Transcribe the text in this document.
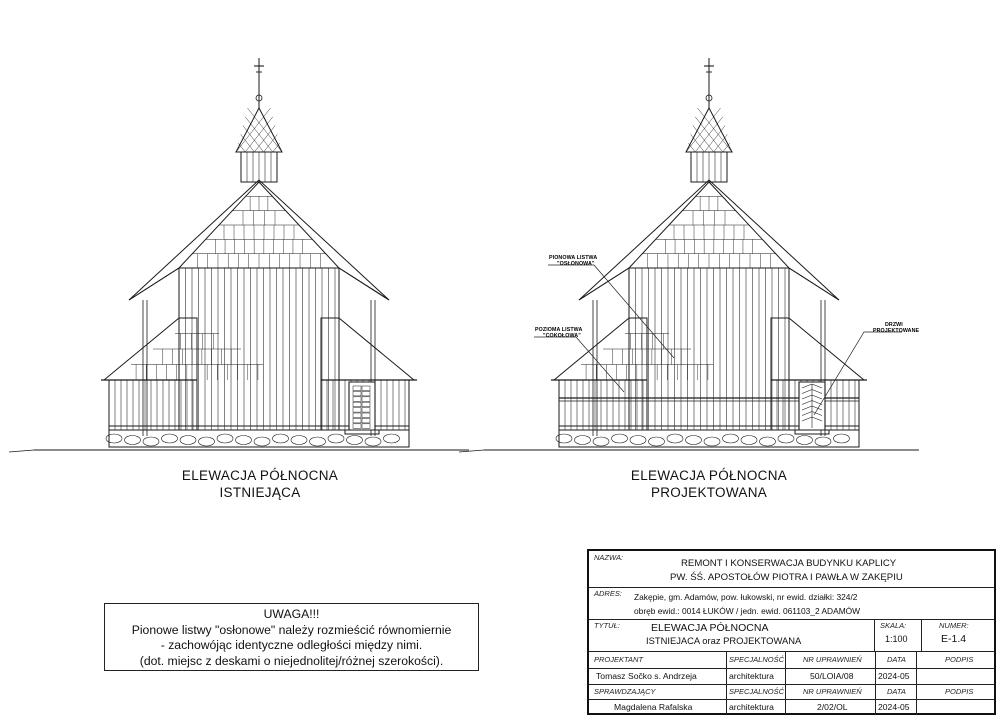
PIONOWA LISTWA
"OSŁONOWA"
POZIOMA LISTWA
"COKOŁOWA"
DRZWI
PROJEKTOWANE
ELEWACJA PÓŁNOCNA
ISTNIEJĄCA
ELEWACJA PÓŁNOCNA
PROJEKTOWANA
UWAGA!!!
Pionowe listwy "osłonowe" należy rozmieścić równomiernie
- zachowójąc identyczne odległości między nimi.
(dot. miejsc z deskami o niejednolitej/różnej szerokości).
NAZWA:
REMONT I KONSERWACJA BUDYNKU KAPLICY
PW. ŚŚ. APOSTOŁÓW PIOTRA I PAWŁA W ZAKĘPIU
ADRES: Zakępie, gm. Adamów, pow. łukowski, nr ewid. działki: 324/2
obręb ewid.: 0014 ŁUKÓW / jedn. ewid. 061103_2 ADAMÓW
TYTUŁ:	ELEWACJA PÓŁNOCNA
ISTNIEJACA oraz PROJEKTOWANA
SKALA:
1:100
NUMER:
E-1.4
PROJEKTANT	SPECJALNOŚĆ	NR UPRAWNIEŃ	DATA	PODPIS
Tomasz Sočko s. Andrzeja	architektura	50/LOIA/08	2024-05
SPRAWDZAJĄCY	SPECJALNOŚĆ	NR UPRAWNIEŃ	DATA	PODPIS
Magdalena Rafalska	architektura	2/02/OL	2024-05
